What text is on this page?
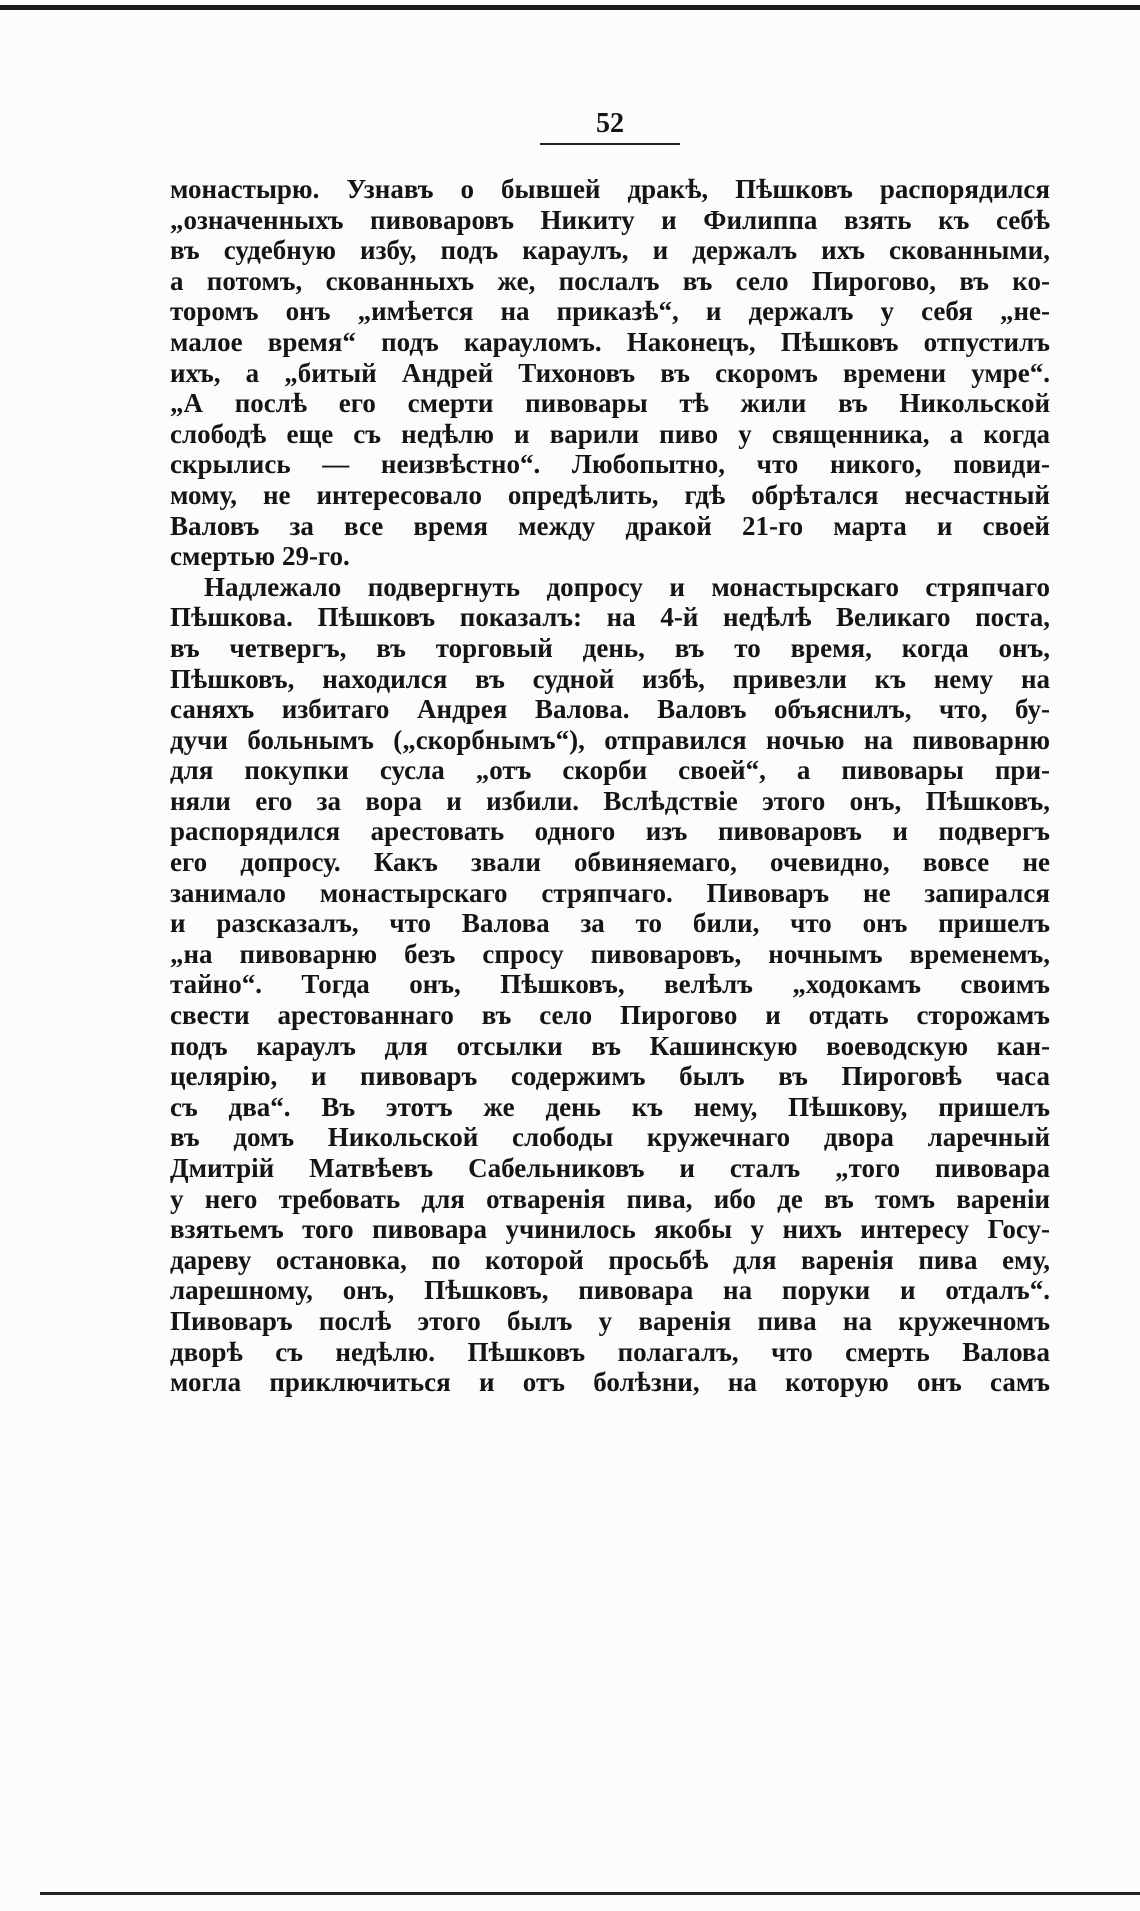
52
монастырю. Узнавъ о бывшей дракѣ, Пѣшковъ распорядился
„означенныхъ пивоваровъ Никиту и Филиппа взять къ себѣ
въ судебную избу, подъ караулъ, и держалъ ихъ скованными,
а потомъ, скованныхъ же, послалъ въ село Пирогово, въ ко-
торомъ онъ „имѣется на приказѣ“, и держалъ у себя „не-
малое время“ подъ карауломъ. Наконецъ, Пѣшковъ отпустилъ
ихъ, а „битый Андрей Тихоновъ въ скоромъ времени умре“.
„А послѣ его смерти пивовары тѣ жили въ Никольской
слободѣ еще съ недѣлю и варили пиво у священника, а когда
скрылись — неизвѣстно“. Любопытно, что никого, повиди-
мому, не интересовало опредѣлить, гдѣ обрѣтался несчастный
Валовъ за все время между дракой 21-го марта и своей
смертью 29-го.
Надлежало подвергнуть допросу и монастырскаго стряпчаго
Пѣшкова. Пѣшковъ показалъ: на 4-й недѣлѣ Великаго поста,
въ четвергъ, въ торговый день, въ то время, когда онъ,
Пѣшковъ, находился въ судной избѣ, привезли къ нему на
саняхъ избитаго Андрея Валова. Валовъ объяснилъ, что, бу-
дучи больнымъ („скорбнымъ“), отправился ночью на пивоварню
для покупки сусла „отъ скорби своей“, а пивовары при-
няли его за вора и избили. Вслѣдствіе этого онъ, Пѣшковъ,
распорядился арестовать одного изъ пивоваровъ и подвергъ
его допросу. Какъ звали обвиняемаго, очевидно, вовсе не
занимало монастырскаго стряпчаго. Пивоваръ не запирался
и разсказалъ, что Валова за то били, что онъ пришелъ
„на пивоварню безъ спросу пивоваровъ, ночнымъ временемъ,
тайно“. Тогда онъ, Пѣшковъ, велѣлъ „ходокамъ своимъ
свести арестованнаго въ село Пирогово и отдать сторожамъ
подъ караулъ для отсылки въ Кашинскую воеводскую кан-
целярію, и пивоваръ содержимъ былъ въ Пироговѣ часа
съ два“. Въ этотъ же день къ нему, Пѣшкову, пришелъ
въ домъ Никольской слободы кружечнаго двора ларечный
Дмитрій Матвѣевъ Сабельниковъ и сталъ „того пивовара
у него требовать для отваренія пива, ибо де въ томъ вареніи
взятьемъ того пивовара учинилось якобы у нихъ интересу Госу-
дареву остановка, по которой просьбѣ для варенія пива ему,
ларешному, онъ, Пѣшковъ, пивовара на поруки и отдалъ“.
Пивоваръ послѣ этого былъ у варенія пива на кружечномъ
дворѣ съ недѣлю. Пѣшковъ полагалъ, что смерть Валова
могла приключиться и отъ болѣзни, на которую онъ самъ
